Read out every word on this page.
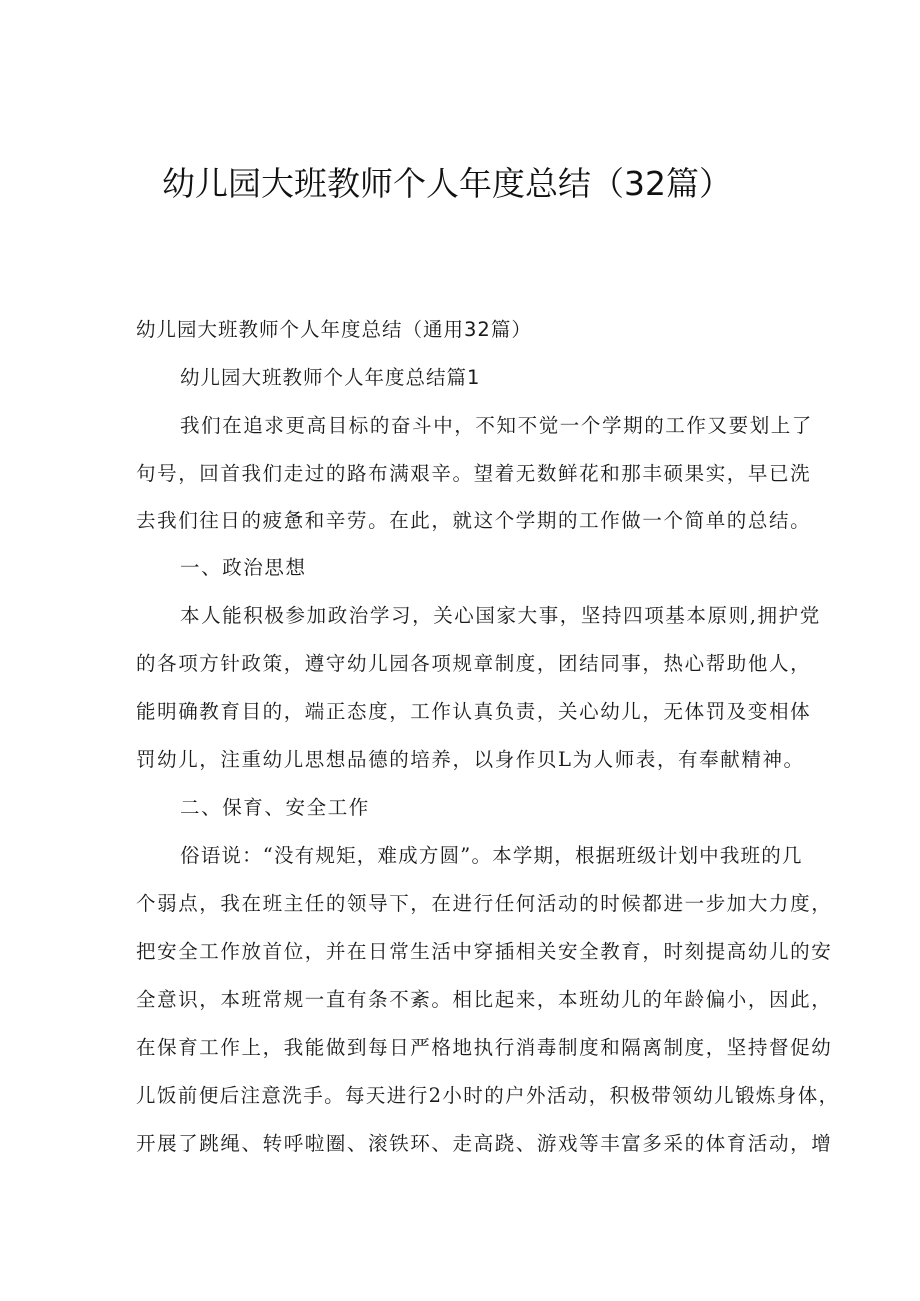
幼儿园大班教师个人年度总结（32篇）
幼儿园大班教师个人年度总结（通用32篇）
幼儿园大班教师个人年度总结篇1
我们在追求更高目标的奋斗中，不知不觉一个学期的工作又要划上了
句号，回首我们走过的路布满艰辛。望着无数鲜花和那丰硕果实，早已洗
去我们往日的疲惫和辛劳。在此，就这个学期的工作做一个简单的总结。
一、政治思想
本人能积极参加政治学习，关心国家大事，坚持四项基本原则,拥护党
的各项方针政策，遵守幼儿园各项规章制度，团结同事，热心帮助他人，
能明确教育目的，端正态度，工作认真负责，关心幼儿，无体罚及变相体
罚幼儿，注重幼儿思想品德的培养，以身作贝L为人师表，有奉献精神。
二、保育、安全工作
俗语说：“没有规矩，难成方圆”。本学期，根据班级计划中我班的几
个弱点，我在班主任的领导下，在进行任何活动的时候都进一步加大力度，
把安全工作放首位，并在日常生活中穿插相关安全教育，时刻提高幼儿的安
全意识，本班常规一直有条不紊。相比起来，本班幼儿的年龄偏小，因此，
在保育工作上，我能做到每日严格地执行消毒制度和隔离制度，坚持督促幼
儿饭前便后注意洗手。每天进行2小时的户外活动，积极带领幼儿锻炼身体，
开展了跳绳、转呼啦圈、滚铁环、走高跷、游戏等丰富多采的体育活动，增
